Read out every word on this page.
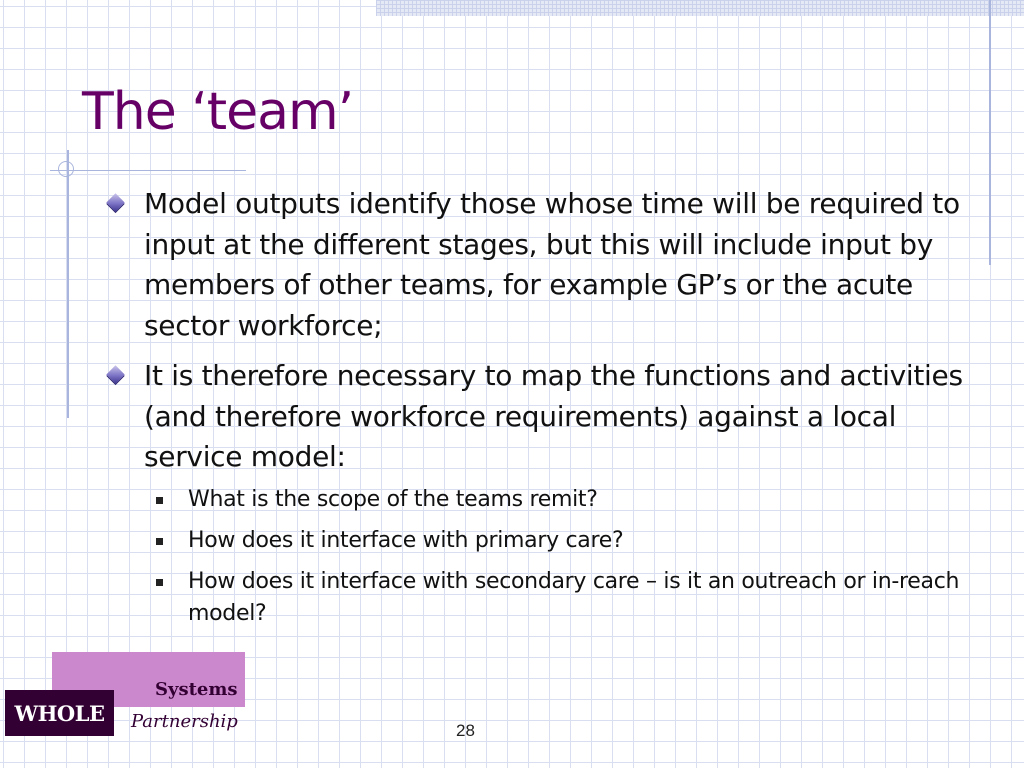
The ‘team’
Model outputs identify those whose time will be required to input at the different stages, but this will include input by members of other teams, for example GP’s or the acute sector workforce;
It is therefore necessary to map the functions and activities (and therefore workforce requirements) against a local service model:
What is the scope of the teams remit?
How does it interface with primary care?
How does it interface with secondary care – is it an outreach or in-reach model?
Systems
WHOLE	Partnership	28
